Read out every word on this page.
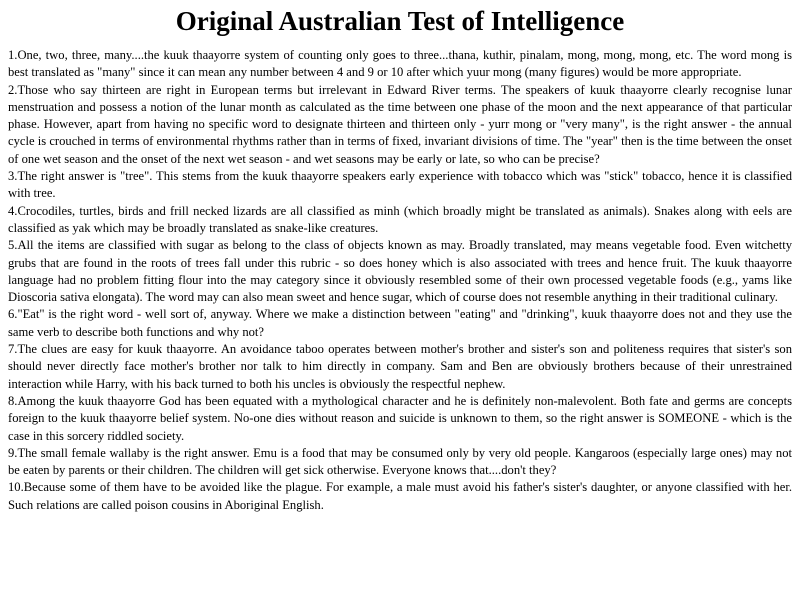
Original Australian Test of Intelligence

1.One, two, three, many....the kuuk thaayorre system of counting only goes to three...thana, kuthir, pinalam, mong, mong, mong, etc. The word mong is best translated as "many" since it can mean any number between 4 and 9 or 10 after which yuur mong (many figures) would be more appropriate.

2.Those who say thirteen are right in European terms but irrelevant in Edward River terms. The speakers of kuuk thaayorre clearly recognise lunar menstruation and possess a notion of the lunar month as calculated as the time between one phase of the moon and the next appearance of that particular phase. However, apart from having no specific word to designate thirteen and thirteen only - yurr mong or "very many", is the right answer - the annual cycle is crouched in terms of environmental rhythms rather than in terms of fixed, invariant divisions of time. The "year" then is the time between the onset of one wet season and the onset of the next wet season - and wet seasons may be early or late, so who can be precise?

3.The right answer is "tree". This stems from the kuuk thaayorre speakers early experience with tobacco which was "stick" tobacco, hence it is classified with tree.

4.Crocodiles, turtles, birds and frill necked lizards are all classified as minh (which broadly might be translated as animals). Snakes along with eels are classified as yak which may be broadly translated as snake-like creatures.

5.All the items are classified with sugar as belong to the class of objects known as may. Broadly translated, may means vegetable food. Even witchetty grubs that are found in the roots of trees fall under this rubric - so does honey which is also associated with trees and hence fruit. The kuuk thaayorre language had no problem fitting flour into the may category since it obviously resembled some of their own processed vegetable foods (e.g., yams like Dioscoria sativa elongata). The word may can also mean sweet and hence sugar, which of course does not resemble anything in their traditional culinary.

6."Eat" is the right word - well sort of, anyway. Where we make a distinction between "eating" and "drinking", kuuk thaayorre does not and they use the same verb to describe both functions and why not?

7.The clues are easy for kuuk thaayorre. An avoidance taboo operates between mother's brother and sister's son and politeness requires that sister's son should never directly face mother's brother nor talk to him directly in company. Sam and Ben are obviously brothers because of their unrestrained interaction while Harry, with his back turned to both his uncles is obviously the respectful nephew.

8.Among the kuuk thaayorre God has been equated with a mythological character and he is definitely non-malevolent. Both fate and germs are concepts foreign to the kuuk thaayorre belief system. No-one dies without reason and suicide is unknown to them, so the right answer is SOMEONE - which is the case in this sorcery riddled society.

9.The small female wallaby is the right answer. Emu is a food that may be consumed only by very old people. Kangaroos (especially large ones) may not be eaten by parents or their children. The children will get sick otherwise. Everyone knows that....don't they?

10.Because some of them have to be avoided like the plague. For example, a male must avoid his father's sister's daughter, or anyone classified with her. Such relations are called poison cousins in Aboriginal English.
